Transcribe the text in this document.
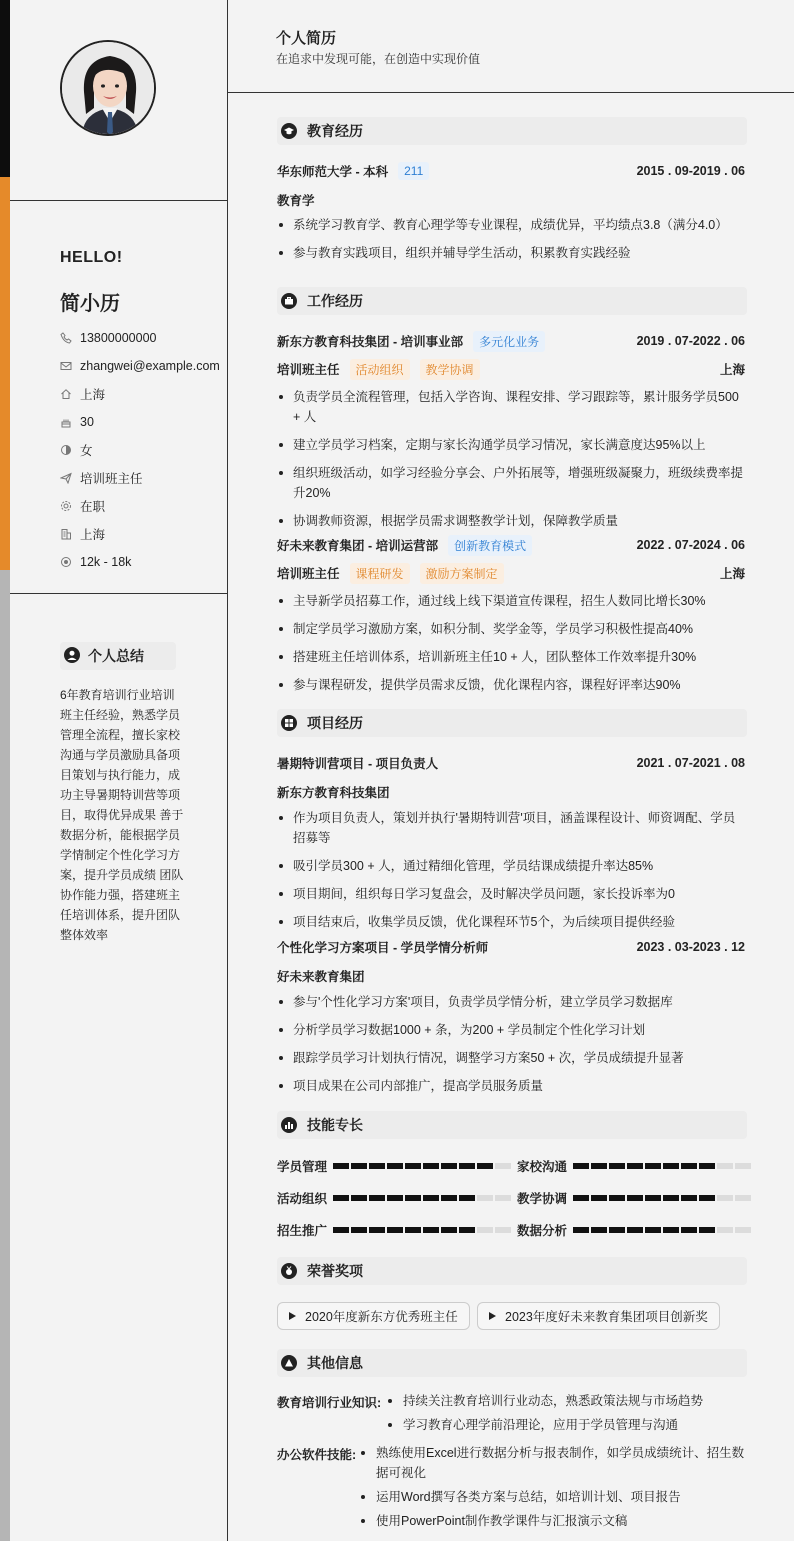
HELLO!
简小历
13800000000
zhangwei@example.com
上海
30
女
培训班主任
在职
上海
12k - 18k
个人总结
6年教育培训行业培训班主任经验，熟悉学员管理全流程，擅长家校沟通与学员激励具备项目策划与执行能力，成功主导暑期特训营等项目，取得优异成果 善于数据分析，能根据学员学情制定个性化学习方案，提升学员成绩 团队协作能力强，搭建班主任培训体系，提升团队整体效率
个人简历
在追求中发现可能，在创造中实现价值
教育经历
华东师范大学 - 本科	211	2015 . 09-2019 . 06
教育学
系统学习教育学、教育心理学等专业课程，成绩优异，平均绩点3.8（满分4.0）
参与教育实践项目，组织并辅导学生活动，积累教育实践经验
工作经历
新东方教育科技集团 - 培训事业部	多元化业务	2019 . 07-2022 . 06
培训班主任	活动组织	教学协调	上海
负责学员全流程管理，包括入学咨询、课程安排、学习跟踪等，累计服务学员500 + 人
建立学员学习档案，定期与家长沟通学员学习情况，家长满意度达95%以上
组织班级活动，如学习经验分享会、户外拓展等，增强班级凝聚力，班级续费率提升20%
协调教师资源，根据学员需求调整教学计划，保障教学质量
好未来教育集团 - 培训运营部	创新教育模式	2022 . 07-2024 . 06
培训班主任	课程研发	激励方案制定	上海
主导新学员招募工作，通过线上线下渠道宣传课程，招生人数同比增长30%
制定学员学习激励方案，如积分制、奖学金等，学员学习积极性提高40%
搭建班主任培训体系，培训新班主任10 + 人，团队整体工作效率提升30%
参与课程研发，提供学员需求反馈，优化课程内容，课程好评率达90%
项目经历
暑期特训营项目 - 项目负责人	2021 . 07-2021 . 08
新东方教育科技集团
作为项目负责人，策划并执行'暑期特训营'项目，涵盖课程设计、师资调配、学员招募等
吸引学员300 + 人，通过精细化管理，学员结课成绩提升率达85%
项目期间，组织每日学习复盘会，及时解决学员问题，家长投诉率为0
项目结束后，收集学员反馈，优化课程环节5个，为后续项目提供经验
个性化学习方案项目 - 学员学情分析师	2023 . 03-2023 . 12
好未来教育集团
参与'个性化学习方案'项目，负责学员学情分析，建立学员学习数据库
分析学员学习数据1000 + 条，为200 + 学员制定个性化学习计划
跟踪学员学习计划执行情况，调整学习方案50 + 次，学员成绩提升显著
项目成果在公司内部推广，提高学员服务质量
技能专长
学员管理	家校沟通
活动组织	教学协调
招生推广	数据分析
荣誉奖项
2020年度新东方优秀班主任	2023年度好未来教育集团项目创新奖
其他信息
教育培训行业知识:	持续关注教育培训行业动态，熟悉政策法规与市场趋势
学习教育心理学前沿理论，应用于学员管理与沟通
办公软件技能:	熟练使用Excel进行数据分析与报表制作，如学员成绩统计、招生数据可视化
运用Word撰写各类方案与总结，如培训计划、项目报告
使用PowerPoint制作教学课件与汇报演示文稿
